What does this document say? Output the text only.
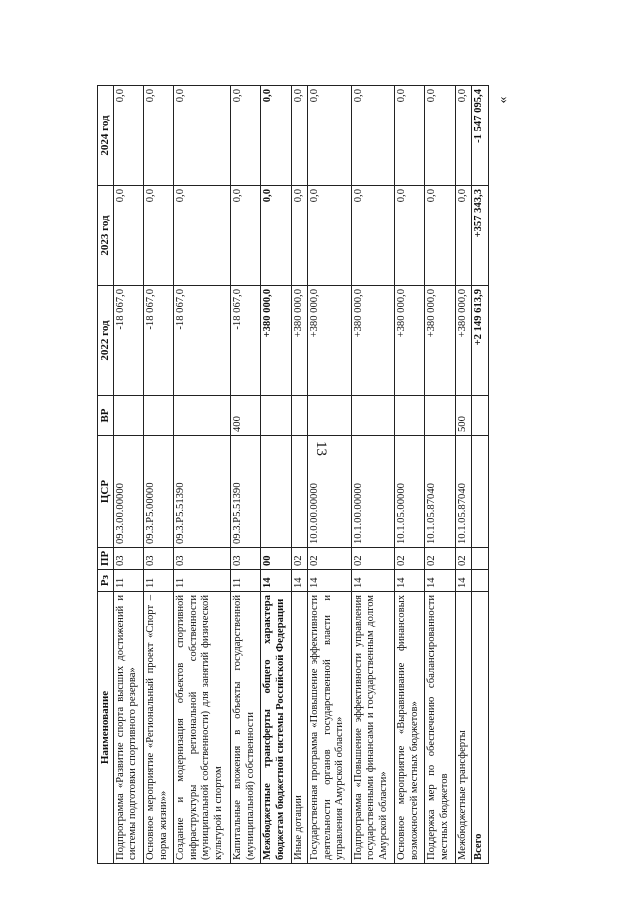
13
»
Наименование	Рз	ПР	ЦСР	ВР	2022 год	2023 год	2024 год
Подпрограмма «Развитие спорта высших достижений и системы подготовки спортивного резерва»	11	03	09.3.00.00000		-18 067,0	0,0	0,0
Основное мероприятие «Региональный проект «Спорт – норма жизни»»	11	03	09.3.P5.00000		-18 067,0	0,0	0,0
Создание и модернизация объектов спортивной инфраструктуры региональной собственности (муниципальной собственности) для занятий физической культурой и спортом	11	03	09.3.P5.51390		-18 067,0	0,0	0,0
Капитальные вложения в объекты государственной (муниципальной) собственности	11	03	09.3.P5.51390	400	-18 067,0	0,0	0,0
Межбюджетные трансферты общего характера бюджетам бюджетной системы Российской Федерации	14	00			+380 000,0	0,0	0,0
Иные дотации	14	02			+380 000,0	0,0	0,0
Государственная программа «Повышение эффективности деятельности органов государственной власти и управления Амурской области»	14	02	10.0.00.00000		+380 000,0	0,0	0,0
Подпрограмма «Повышение эффективности управления государственными финансами и государственным долгом Амурской области»	14	02	10.1.00.00000		+380 000,0	0,0	0,0
Основное мероприятие «Выравнивание финансовых возможностей местных бюджетов»	14	02	10.1.05.00000		+380 000,0	0,0	0,0
Поддержка мер по обеспечению сбалансированности местных бюджетов	14	02	10.1.05.87040		+380 000,0	0,0	0,0
Межбюджетные трансферты	14	02	10.1.05.87040	500	+380 000,0	0,0	0,0
Всего					+2 149 613,9	+357 343,3	-1 547 095,4
